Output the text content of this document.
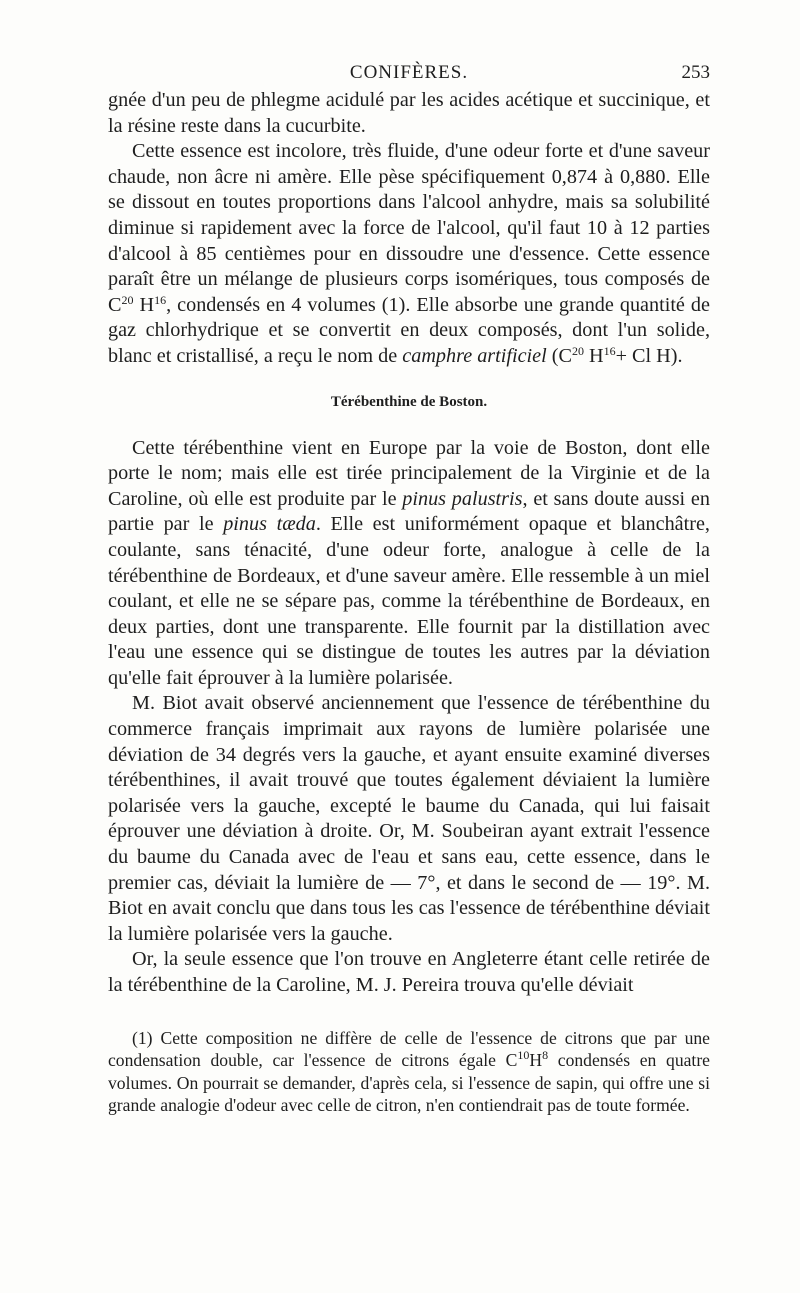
CONIFÈRES.	253

gnée d'un peu de phlegme acidulé par les acides acétique et succinique, et la résine reste dans la cucurbite.

Cette essence est incolore, très fluide, d'une odeur forte et d'une saveur chaude, non âcre ni amère. Elle pèse spécifiquement 0,874 à 0,880. Elle se dissout en toutes proportions dans l'alcool anhydre, mais sa solubilité diminue si rapidement avec la force de l'alcool, qu'il faut 10 à 12 parties d'alcool à 85 centièmes pour en dissoudre une d'essence. Cette essence paraît être un mélange de plusieurs corps isomériques, tous composés de $C^{20}$ $H^{16}$, condensés en 4 volumes (1). Elle absorbe une grande quantité de gaz chlorhydrique et se convertit en deux composés, dont l'un solide, blanc et cristallisé, a reçu le nom de camphre artificiel ($C^{20}$ $H^{16}+ Cl$ H).

Térébenthine de Boston.

Cette térébenthine vient en Europe par la voie de Boston, dont elle porte le nom; mais elle est tirée principalement de la Virginie et de la Caroline, où elle est produite par le pinus palustris, et sans doute aussi en partie par le pinus tæda. Elle est uniformément opaque et blanchâtre, coulante, sans ténacité, d'une odeur forte, analogue à celle de la térébenthine de Bordeaux, et d'une saveur amère. Elle ressemble à un miel coulant, et elle ne se sépare pas, comme la térébenthine de Bordeaux, en deux parties, dont une transparente. Elle fournit par la distillation avec l'eau une essence qui se distingue de toutes les autres par la déviation qu'elle fait éprouver à la lumière polarisée.

M. Biot avait observé anciennement que l'essence de térébenthine du commerce français imprimait aux rayons de lumière polarisée une déviation de 34 degrés vers la gauche, et ayant ensuite examiné diverses térébenthines, il avait trouvé que toutes également déviaient la lumière polarisée vers la gauche, excepté le baume du Canada, qui lui faisait éprouver une déviation à droite. Or, M. Soubeiran ayant extrait l'essence du baume du Canada avec de l'eau et sans eau, cette essence, dans le premier cas, déviait la lumière de — 7°, et dans le second de — 19°. M. Biot en avait conclu que dans tous les cas l'essence de térébenthine déviait la lumière polarisée vers la gauche.

Or, la seule essence que l'on trouve en Angleterre étant celle retirée de la térébenthine de la Caroline, M. J. Pereira trouva qu'elle déviait

(1) Cette composition ne diffère de celle de l'essence de citrons que par une condensation double, car l'essence de citrons égale $C^{10}H^8$ condensés en quatre volumes. On pourrait se demander, d'après cela, si l'essence de sapin, qui offre une si grande analogie d'odeur avec celle de citron, n'en contiendrait pas de toute formée.
